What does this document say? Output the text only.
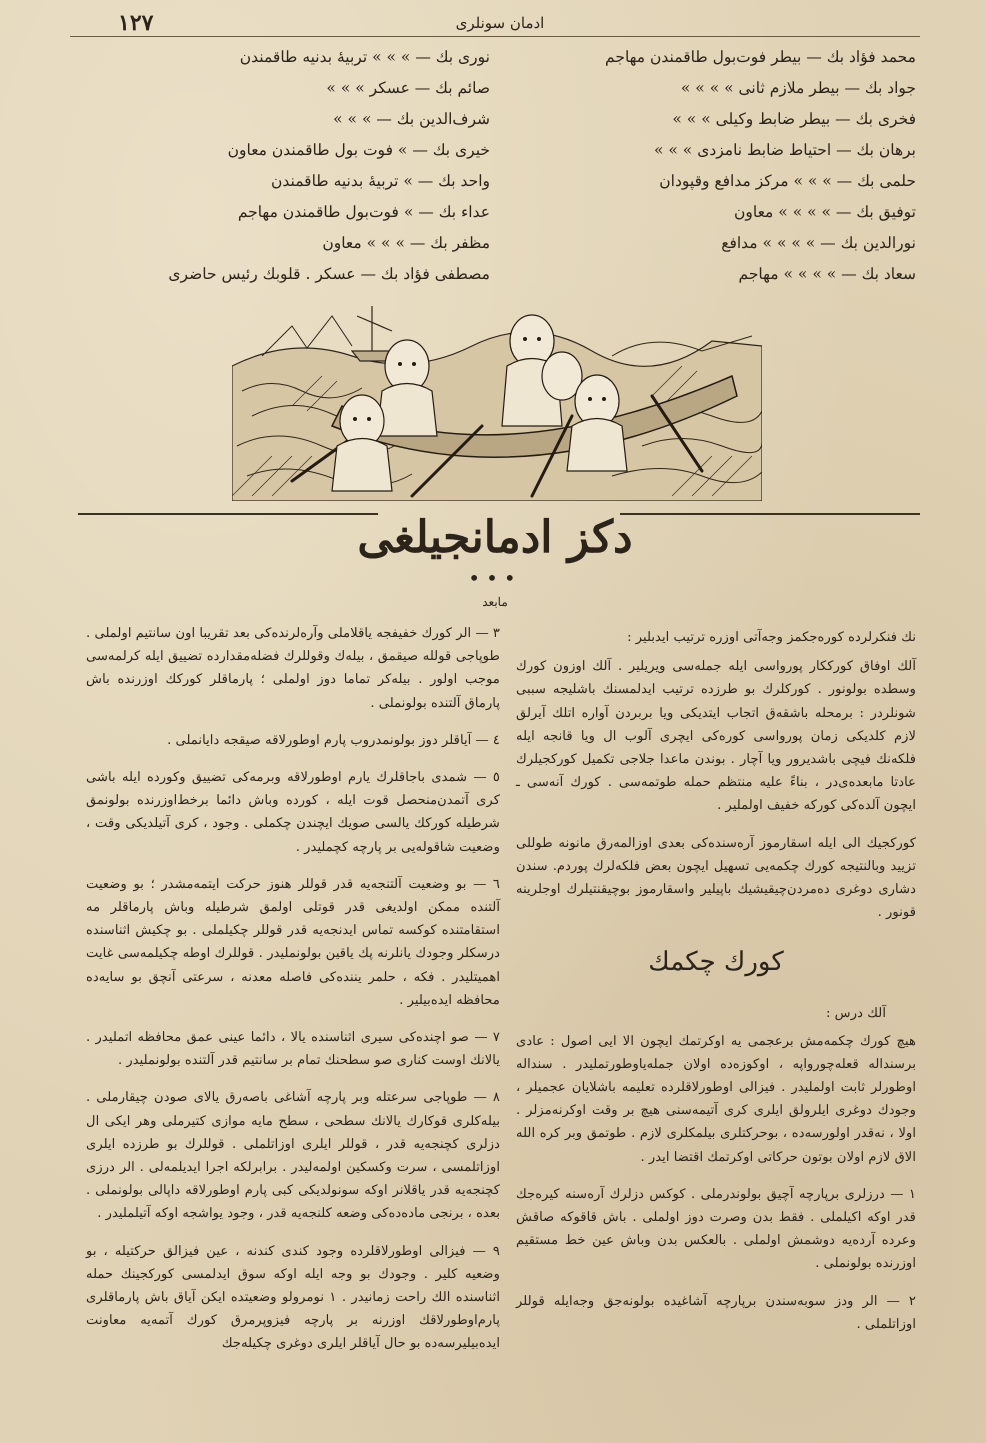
١٢٧	ادمان سونلری
محمد فؤاد بك — بيطر فوت‌بول طاقمندن مهاجم
جواد بك — بيطر ملازم ثانی » » » »
فخری بك — بيطر ضابط وكيلی » » »
برهان بك — احتياط ضابط نامزدی » » »
حلمی بك — » » » مركز مدافع وقپودان
توفيق بك — » » » » معاون
نورالدين بك — » » » » مدافع
سعاد بك — » » » » مهاجم
نوری بك — » » » تربيهٔ بدنيه طاقمندن
صائم بك — عسكر » » »
شرف‌الدين بك — » » »
خيری بك — » فوت بول طاقمندن معاون
واحد بك — » تربيهٔ بدنيه طاقمندن
عداء بك — » فوت‌بول طاقمندن مهاجم
مظفر بك — » » » معاون
مصطفی فؤاد بك — عسكر . قلوبك رئيس حاضری
دكز ادمانجيلغی
•••
مابعد

نك فنكرلرده كورەجكمز وجه‌آتی اوزره ترتيب ايدبلير :

آلك اوفاق كورككار پورواسی ايله جملەسی ويريلير . آلك اوزون كورك وسطده بولونور . كوركلرك بو طرزده ترتيب ايدلمسنك باشليجه سببی شونلردر : برمحله باشقه‌ق اتجاب ايتديكی ويا بربردن آواره اتلك آيرلق لازم كلديكی زمان پورواسی كورەكی ايچری آلوب ال ويا قانجه ايله فلكه‌نك فيچی باشديرور ويا آچار . بوندن ماعدا جلاجی تكميل كوركجيلرك عادتا مابعده‌ی‌در ، بناءً عليه منتظم حمله طوتمەسی . كورك آنەسی ـ ايچون آلده‌كی كوركه خفيف اولملير .

كوركجيك الی ايله اسقارموز آرەسنده‌كی بعدی اوزالمه‌رق مانونه طوللی تزييد وبالنتيجه كورك چكمه‌يی تسهيل ايچون بعض فلكه‌لرك پوردم. سندن دشاری دوغری دەمردن‌چيقيشيك باپيلير واسقارموز بوچيقنتيلرك اوجلرينه قونور .

كورك چكمك
آلك درس :

هيچ كورك چكمه‌مش برعجمی يه اوكرتمك ايچون الا ايی اصول : عادی برسنداله قعلەچورواپه ، اوكوزه‌ده اولان جمله‌ياوطورتملیدر . سنداله اوطورلر ثابت اولملیدر . فيزالی اوطورلاقلرده تعليمه باشلايان عجمیلر ، وجودك دوغری ايلرولق ايلری كری آتيمەسنی هيچ بر وقت اوكرنەمزلر . اولا ، نەقدر اولورسه‌ده ، بوحركتلری بيلمكلری لازم . طوتمق وبر كره الله الاق لازم اولان بوتون حركاتی اوكرتمك اقتضا ايدر .

١ — درزلری برپارچه آچيق بولوندرملی . كوكس دزلرك آرەسنه كيرەجك قدر اوكه اكيلملی . فقط بدن وصرت دوز اولملی . باش قاقوكه صاقش وعرده آرده‌يه دوشمش اولملی . بالعكس بدن وباش عين خط مستقيم اوزرنده بولونملی .

٢ — الر ودز سوبه‌سندن برپارچه آشاغيده بولونه‌جق وجه‌ايله قوللر اوزاتلملی .

٣ — الر كورك خفيفجه ياقلاملی وآرەلرنده‌كی بعد تقريبا اون سانتيم اولملی . طوپاجی قولله صيقمق ، بيلەك وقوللرك فضله‌مقدارده تضييق ايله كرلمه‌سی موجب اولور . بيلە‌كر تماما دوز اولملی ؛ پارماقلر كوركك اوزرنده باش پارماق آلتنده بولونملی .

٤ — آياقلر دوز بولونمدروب پارم اوطورلاقه صيقجه دايانملی .

٥ — شمدی باجاقلرك يارم اوطورلاقه وبرمەکی تضييق وكورده ايله باشی كری آتمدن‌منحصل قوت ايله ، كورده وباش دائما برخط‌اوزرنده بولونمق شرطيله كوركك يالسی صويك ايچندن چكملی . وجود ، كری آتيلديكی وقت ، وضعيت شاقولەيی بر پارچه كچملیدر .

٦ — بو وضعيت آلتنجه‌يه قدر قوللر هنوز حركت ايتمەمشدر ؛ بو وضعيت آلتنده ممكن اولديغی قدر قوتلی اولمق شرطيله وباش پارماقلر مه استقامتنده كوكسه تماس ايدنجه‌يه قدر قوللر چكيلملی . بو چكيش اثناسنده درسكلر وجودك يانلرنه پك ياقين بولونملیدر . قوللرك اوطه چكيلمه‌سی غايت اهميتليدر . فكه ، حلمر يننده‌كی فاصله معدنه ، سرعتی آنچق بو سايه‌ده محافظه ايده‌بيلير .

٧ — صو اچنده‌كی سيری اثناسنده يالا ، دائما عينی عمق محافظه اتملیدر . يالانك اوست كناری صو سطحنك تمام بر سانتيم قدر آلتنده بولونملیدر .

٨ — طوپاجی سرعتله وبر پارچه آشاغی باصه‌رق يالای صودن چيقارملی . بيلەكلری قوكارك يالانك سطحی ، سطح مايه موازی كتيرملی وهر ايكی ال دزلری كچنجه‌يه قدر ، قوللر ايلری اوزاتلملی . قوللرك بو طرزده ايلری اوزاتلمسی ، سرت وكسكين اولمه‌ليدر . برابرلكه اجرا ايديلمه‌لی . الر درزی كچنجه‌يه قدر ياقلانر اوكه سونولديكی كبی پارم اوطورلاقه داپالی بولونملی . بعده ، برنجی ماده‌ده‌كی وضعه كلنجه‌يه قدر ، وجود يواشجه اوكه آتيلملیدر .

٩ — فيزالی اوطورلاقلرده وجود كندی كندنه ، عين فيزالق حركتيله ، بو وضعيه كلير . وجودك بو وجه ايله اوكه سوق ايدلمسی كوركجينك حمله اثناسنده الك راحت زمانيدر . ١ نومرولو وضعيتده ايكن آياق باش پارماقلری پارم‌اوطورلاقك اوزرنه بر پارچه فيزوپرمرق كورك آتمه‌يه معاونت ايده‌بيليرسه‌ده بو حال آياقلر ايلری دوغری چكيلەجك
